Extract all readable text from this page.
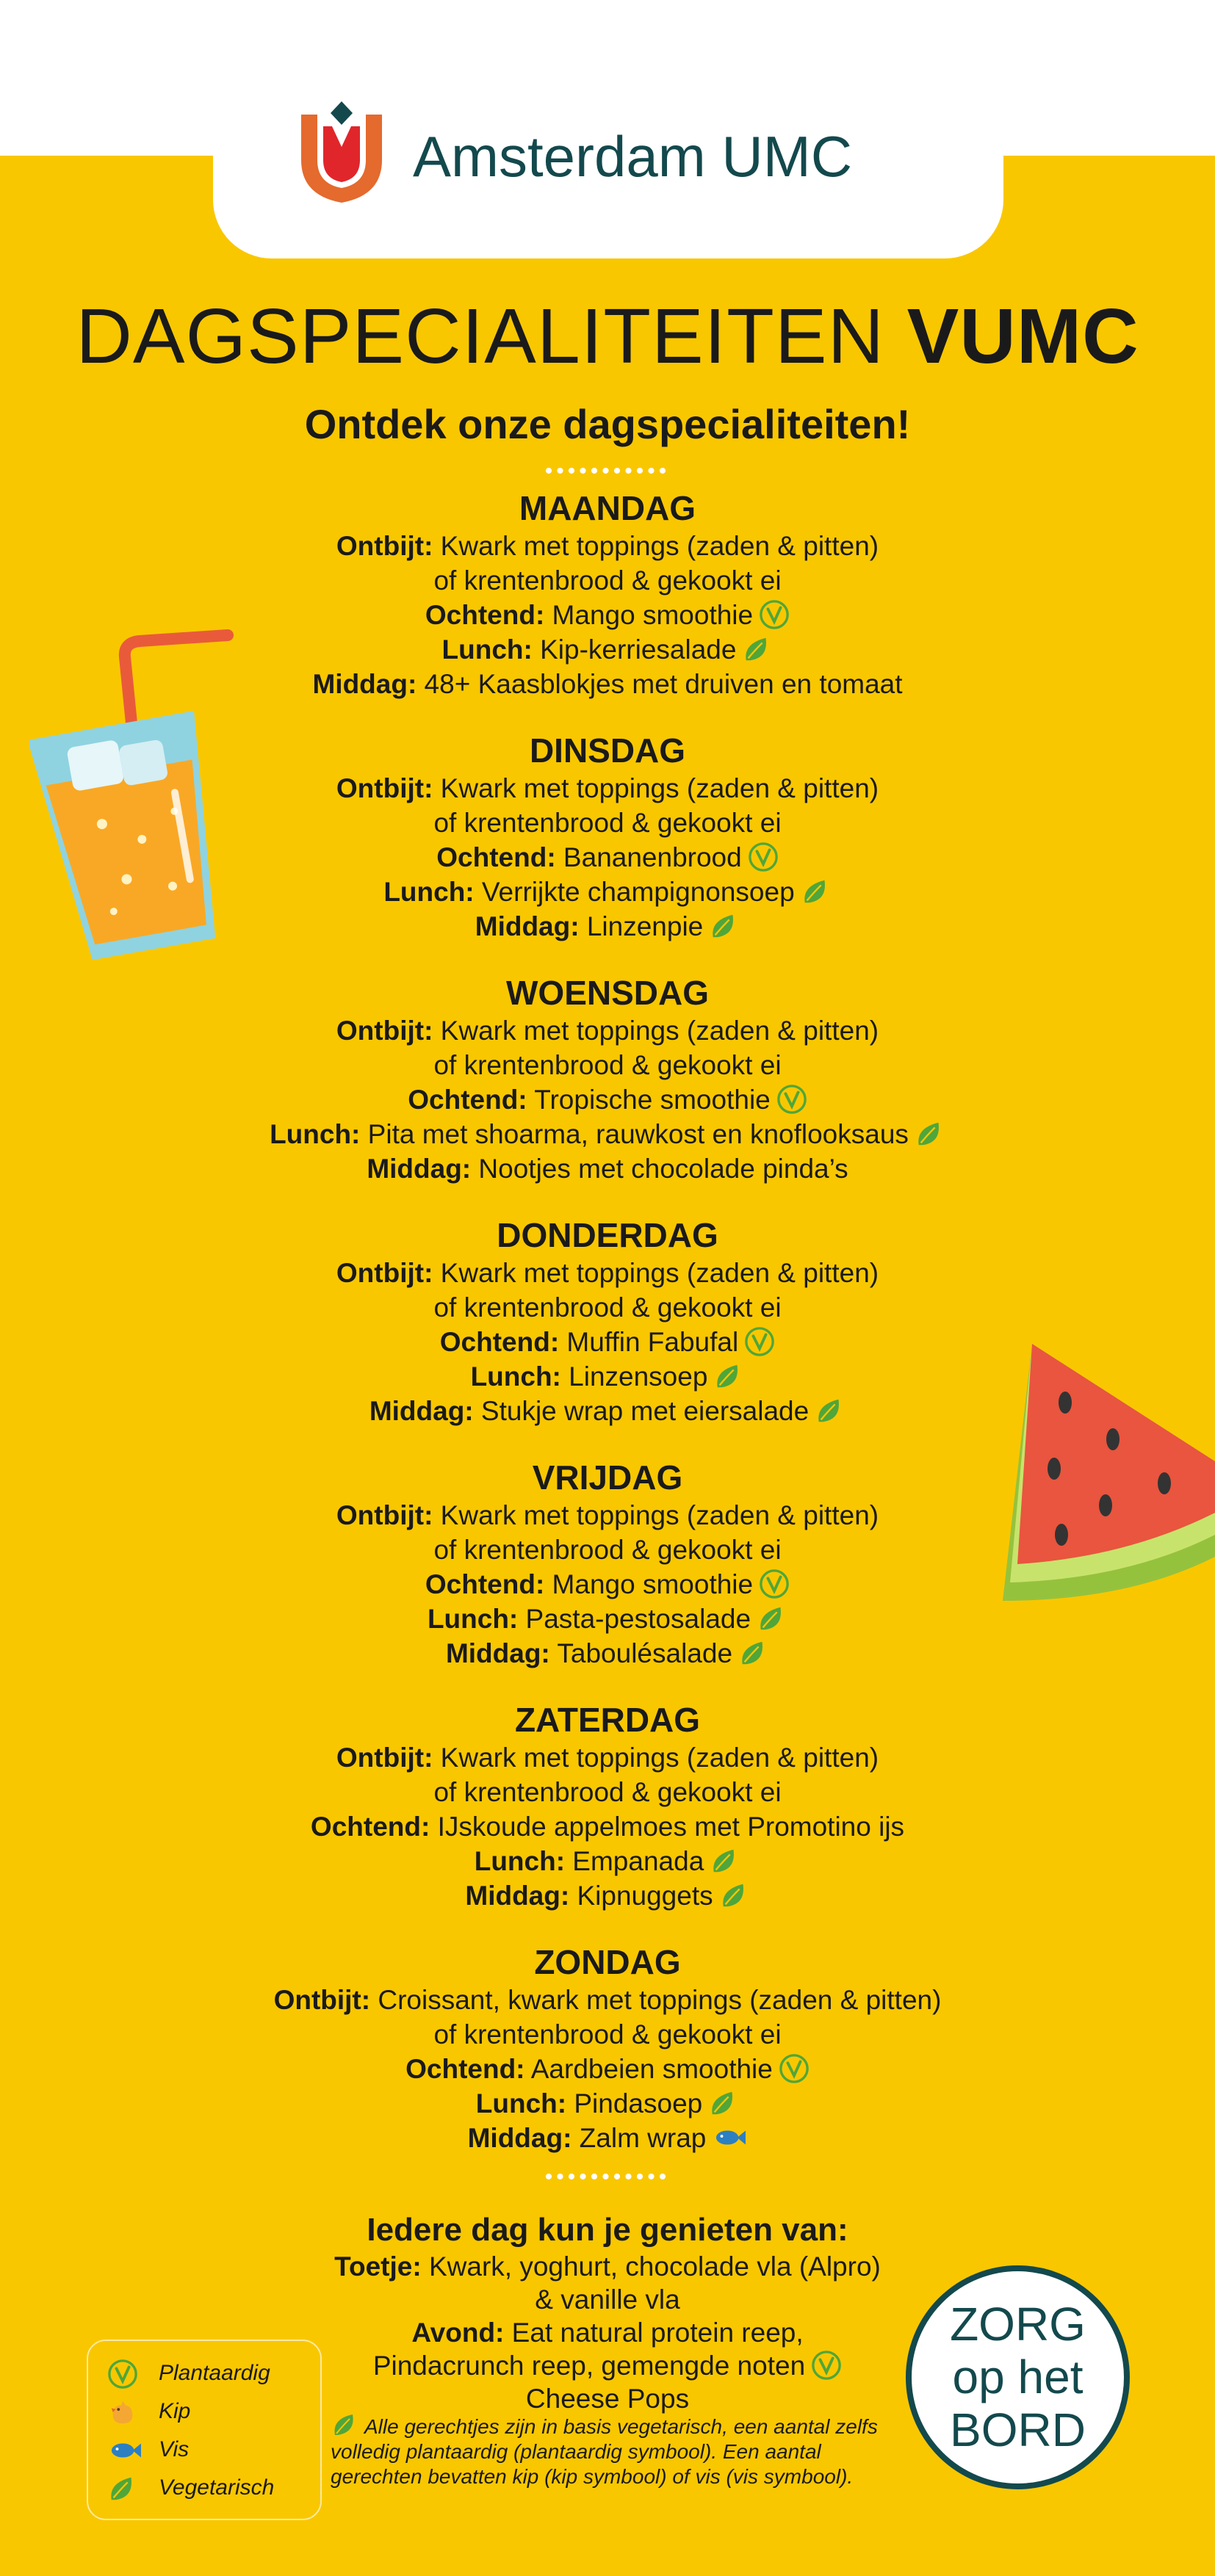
Amsterdam UMC
DAGSPECIALITEITEN VUMC
Ontdek onze dagspecialiteiten!
•••••••••••
MAANDAG
Ontbijt: Kwark met toppings (zaden & pitten)
of krentenbrood & gekookt ei
Ochtend: Mango smoothie
Lunch: Kip-kerriesalade
Middag: 48+ Kaasblokjes met druiven en tomaat
DINSDAG
Ontbijt: Kwark met toppings (zaden & pitten)
of krentenbrood & gekookt ei
Ochtend: Bananenbrood
Lunch: Verrijkte champignonsoep
Middag: Linzenpie
WOENSDAG
Ontbijt: Kwark met toppings (zaden & pitten)
of krentenbrood & gekookt ei
Ochtend: Tropische smoothie
Lunch: Pita met shoarma, rauwkost en knoflooksaus
Middag: Nootjes met chocolade pinda’s
DONDERDAG
Ontbijt: Kwark met toppings (zaden & pitten)
of krentenbrood & gekookt ei
Ochtend: Muffin Fabufal
Lunch: Linzensoep
Middag: Stukje wrap met eiersalade
VRIJDAG
Ontbijt: Kwark met toppings (zaden & pitten)
of krentenbrood & gekookt ei
Ochtend: Mango smoothie
Lunch: Pasta-pestosalade
Middag: Taboulésalade
ZATERDAG
Ontbijt: Kwark met toppings (zaden & pitten)
of krentenbrood & gekookt ei
Ochtend: IJskoude appelmoes met Promotino ijs
Lunch: Empanada
Middag: Kipnuggets
ZONDAG
Ontbijt: Croissant, kwark met toppings (zaden & pitten)
of krentenbrood & gekookt ei
Ochtend: Aardbeien smoothie
Lunch: Pindasoep
Middag: Zalm wrap
•••••••••••
Iedere dag kun je genieten van:
Toetje: Kwark, yoghurt, chocolade vla (Alpro)
& vanille vla
Avond: Eat natural protein reep,
Pindacrunch reep, gemengde noten
Cheese Pops
Plantaardig
Kip
Vis
Vegetarisch
Alle gerechtjes zijn in basis vegetarisch, een aantal zelfs volledig plantaardig (plantaardig symbool). Een aantal gerechten bevatten kip (kip symbool) of vis (vis symbool).
ZORG
op het
BORD
